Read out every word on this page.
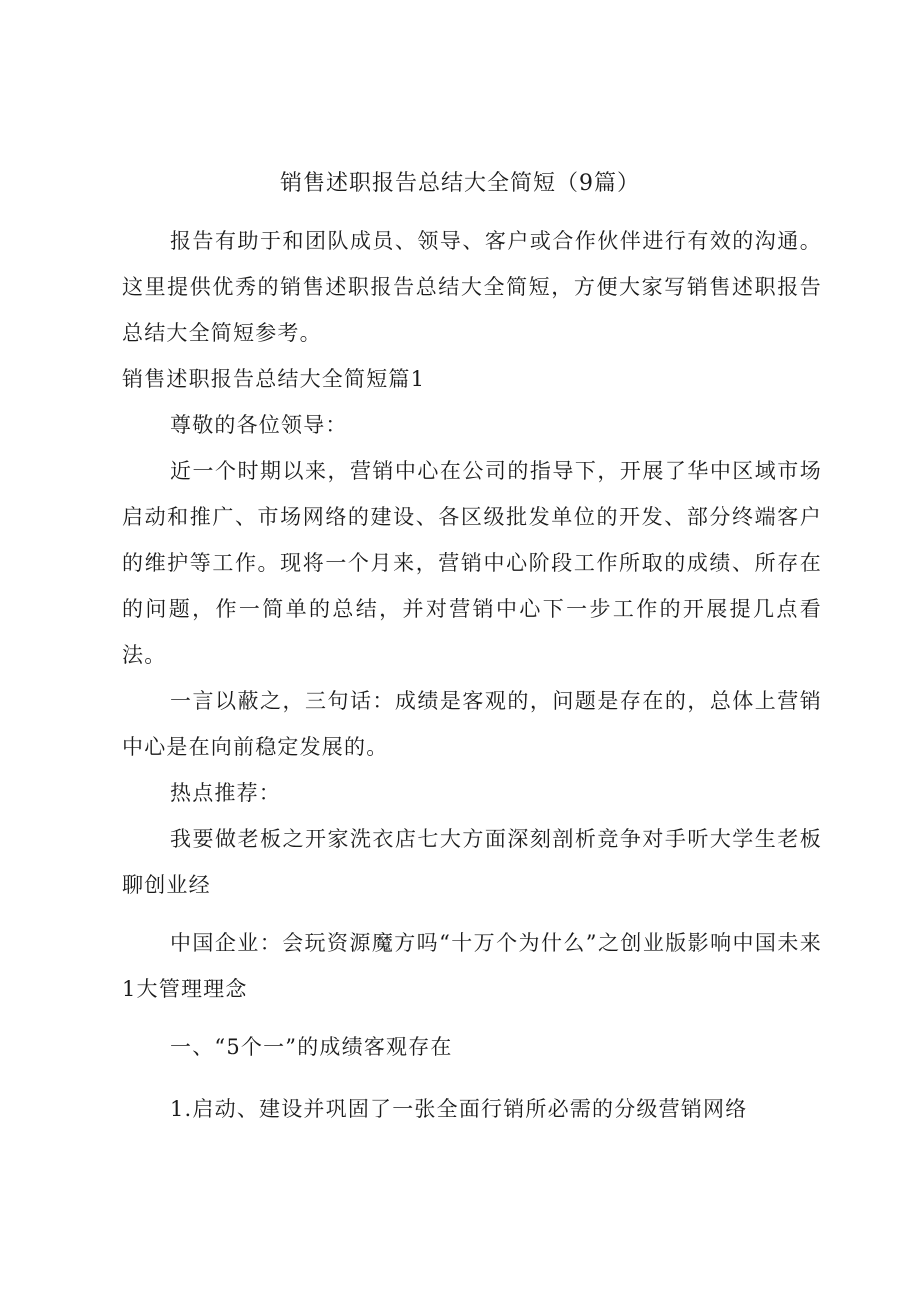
销售述职报告总结大全简短（9篇）

报告有助于和团队成员、领导、客户或合作伙伴进行有效的沟通。这里提供优秀的销售述职报告总结大全简短，方便大家写销售述职报告总结大全简短参考。

销售述职报告总结大全简短篇1

尊敬的各位领导：

近一个时期以来，营销中心在公司的指导下，开展了华中区域市场启动和推广、市场网络的建设、各区级批发单位的开发、部分终端客户的维护等工作。现将一个月来，营销中心阶段工作所取的成绩、所存在的问题，作一简单的总结，并对营销中心下一步工作的开展提几点看法。

一言以蔽之，三句话：成绩是客观的，问题是存在的，总体上营销中心是在向前稳定发展的。

热点推荐：

我要做老板之开家洗衣店七大方面深刻剖析竞争对手听大学生老板聊创业经

中国企业：会玩资源魔方吗“十万个为什么”之创业版影响中国未来1大管理理念

一、“5个一”的成绩客观存在

1.启动、建设并巩固了一张全面行销所必需的分级营销网络
